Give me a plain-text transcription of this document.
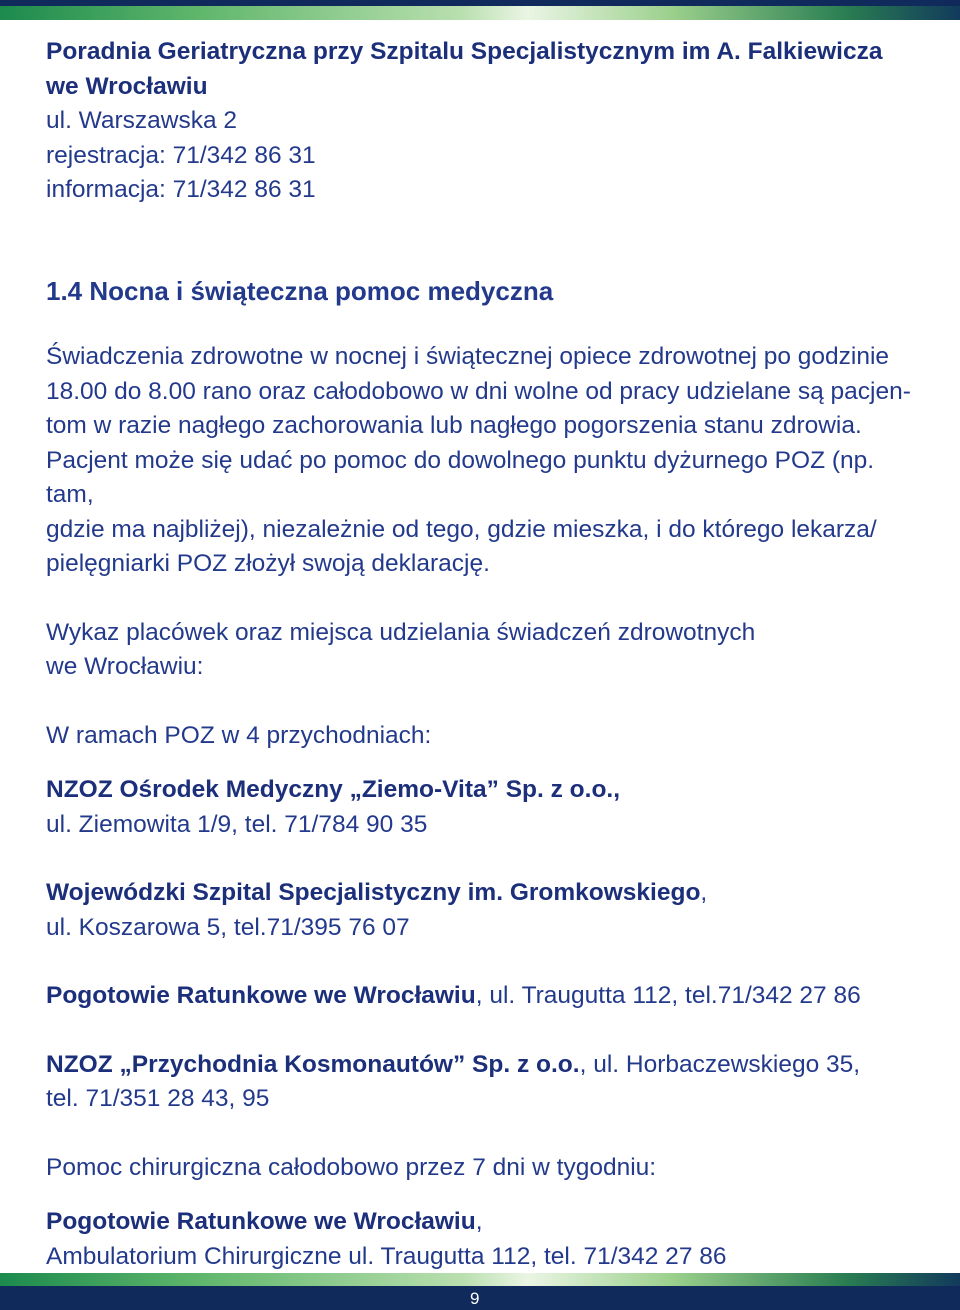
Poradnia Geriatryczna przy Szpitalu Specjalistycznym im A. Falkiewicza
we Wrocławiu
ul. Warszawska 2
rejestracja: 71/342 86 31
informacja: 71/342 86 31
1.4 Nocna i świąteczna pomoc medyczna
Świadczenia zdrowotne w nocnej i świątecznej opiece zdrowotnej po godzinie
18.00 do 8.00 rano oraz całodobowo w dni wolne od pracy udzielane są pacjen-
tom w razie nagłego zachorowania lub nagłego pogorszenia stanu zdrowia.
Pacjent może się udać po pomoc do dowolnego punktu dyżurnego POZ (np. tam,
gdzie ma najbliżej), niezależnie od tego, gdzie mieszka, i do którego lekarza/
pielęgniarki POZ złożył swoją deklarację.
Wykaz placówek oraz miejsca udzielania świadczeń zdrowotnych
we Wrocławiu:
W ramach POZ w 4 przychodniach:
NZOZ Ośrodek Medyczny „Ziemo-Vita” Sp. z o.o.,
ul. Ziemowita 1/9, tel. 71/784 90 35
Wojewódzki Szpital Specjalistyczny im. Gromkowskiego,
ul. Koszarowa 5, tel.71/395 76 07
Pogotowie Ratunkowe we Wrocławiu, ul. Traugutta 112, tel.71/342 27 86
NZOZ „Przychodnia Kosmonautów” Sp. z o.o., ul. Horbaczewskiego 35,
tel. 71/351 28 43, 95
Pomoc chirurgiczna całodobowo przez 7 dni w tygodniu:
Pogotowie Ratunkowe we Wrocławiu,
Ambulatorium Chirurgiczne ul. Traugutta 112, tel. 71/342 27 86
9
